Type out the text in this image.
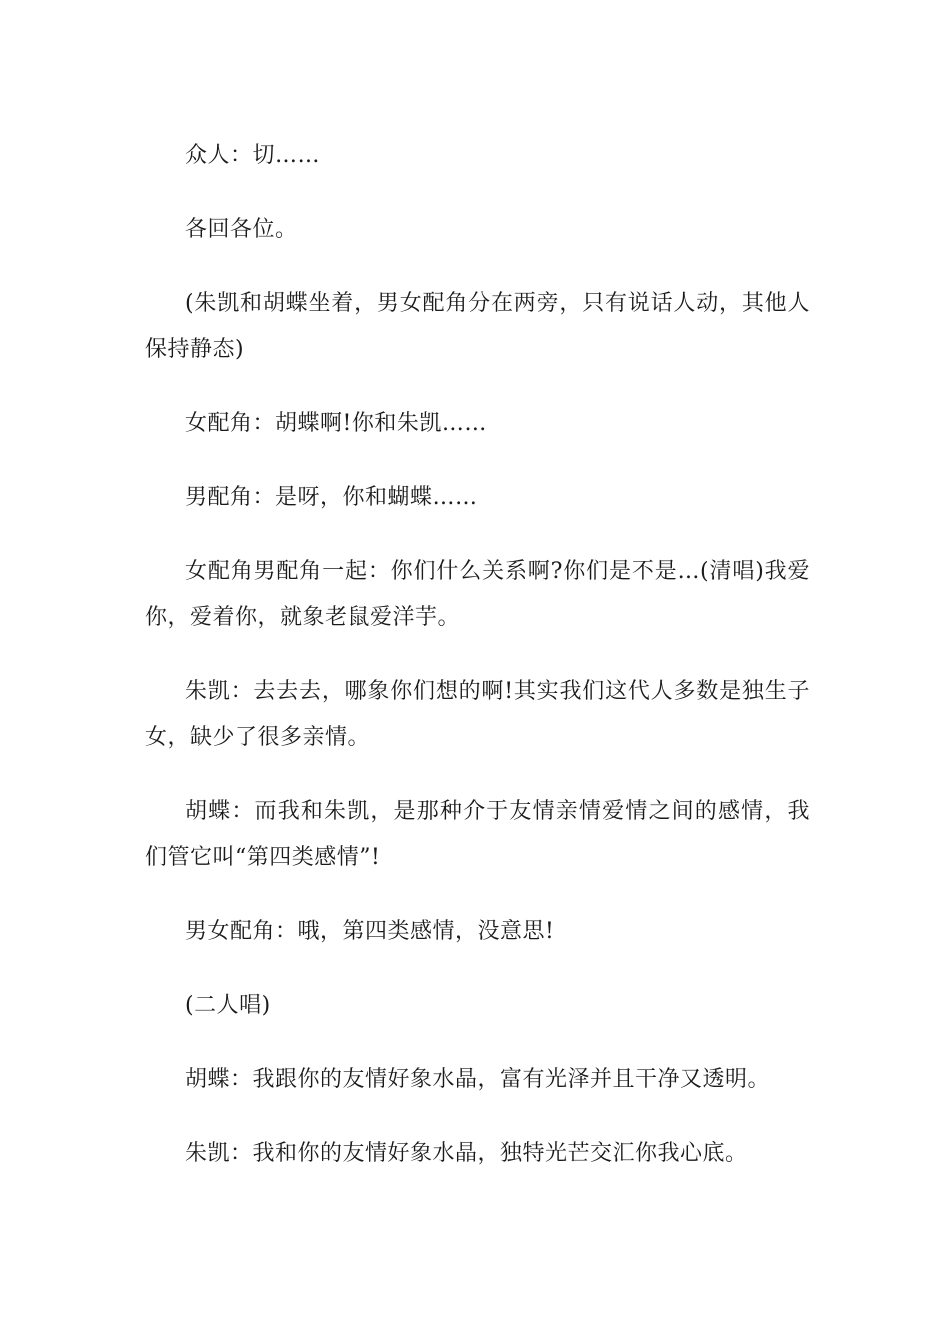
众人：切……

各回各位。

(朱凯和胡蝶坐着，男女配角分在两旁，只有说话人动，其他人保持静态)

女配角：胡蝶啊!你和朱凯……

男配角：是呀，你和蝴蝶……

女配角男配角一起：你们什么关系啊?你们是不是…(清唱)我爱你，爱着你，就象老鼠爱洋芋。

朱凯：去去去，哪象你们想的啊!其实我们这代人多数是独生子女，缺少了很多亲情。

胡蝶：而我和朱凯，是那种介于友情亲情爱情之间的感情，我们管它叫“第四类感情”!

男女配角：哦，第四类感情，没意思!

(二人唱)

胡蝶：我跟你的友情好象水晶，富有光泽并且干净又透明。

朱凯：我和你的友情好象水晶，独特光芒交汇你我心底。
